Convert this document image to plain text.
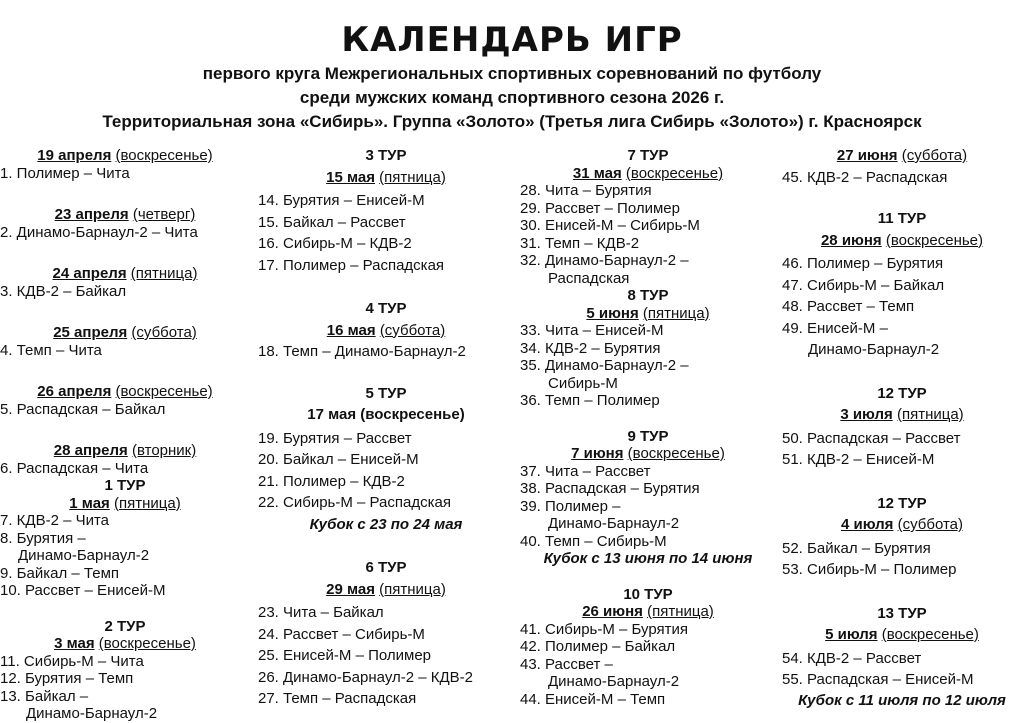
КАЛЕНДАРЬ ИГР
первого круга Межрегиональных спортивных соревнований по футболу
среди мужских команд спортивного сезона 2026 г.
Территориальная зона «Сибирь». Группа «Золото» (Третья лига Сибирь «Золото») г. Красноярск
19 апреля (воскресенье)
1. Полимер – Чита
23 апреля (четверг)
2. Динамо-Барнаул-2 – Чита
24 апреля (пятница)
3. КДВ-2 – Байкал
25 апреля (суббота)
4. Темп – Чита
26 апреля (воскресенье)
5. Распадская – Байкал
28 апреля (вторник)
6. Распадская – Чита
1 ТУР
1 мая (пятница)
7. КДВ-2 – Чита
8. Бурятия –
Динамо-Барнаул-2
9. Байкал – Темп
10. Рассвет – Енисей-М
2 ТУР
3 мая (воскресенье)
11. Сибирь-М – Чита
12. Бурятия – Темп
13. Байкал –
Динамо-Барнаул-2
3 ТУР
15 мая (пятница)
14. Бурятия – Енисей-М
15. Байкал – Рассвет
16. Сибирь-М – КДВ-2
17. Полимер – Распадская
4 ТУР
16 мая (суббота)
18. Темп – Динамо-Барнаул-2
5 ТУР
17 мая (воскресенье)
19. Бурятия – Рассвет
20. Байкал – Енисей-М
21. Полимер – КДВ-2
22. Сибирь-М – Распадская
Кубок с 23 по 24 мая
6 ТУР
29 мая (пятница)
23. Чита – Байкал
24. Рассвет – Сибирь-М
25. Енисей-М – Полимер
26. Динамо-Барнаул-2 – КДВ-2
27. Темп – Распадская
7 ТУР
31 мая (воскресенье)
28. Чита – Бурятия
29. Рассвет – Полимер
30. Енисей-М – Сибирь-М
31. Темп – КДВ-2
32. Динамо-Барнаул-2 –
Распадская
8 ТУР
5 июня (пятница)
33. Чита – Енисей-М
34. КДВ-2 – Бурятия
35. Динамо-Барнаул-2 –
Сибирь-М
36. Темп – Полимер
9 ТУР
7 июня (воскресенье)
37. Чита – Рассвет
38. Распадская – Бурятия
39. Полимер –
Динамо-Барнаул-2
40. Темп – Сибирь-М
Кубок с 13 июня по 14 июня
10 ТУР
26 июня (пятница)
41. Сибирь-М – Бурятия
42. Полимер – Байкал
43. Рассвет –
Динамо-Барнаул-2
44. Енисей-М – Темп
27 июня (суббота)
45. КДВ-2 – Распадская
11 ТУР
28 июня (воскресенье)
46. Полимер – Бурятия
47. Сибирь-М – Байкал
48. Рассвет – Темп
49. Енисей-М –
Динамо-Барнаул-2
12 ТУР
3 июля (пятница)
50. Распадская – Рассвет
51. КДВ-2 – Енисей-М
12 ТУР
4 июля (суббота)
52. Байкал – Бурятия
53. Сибирь-М – Полимер
13 ТУР
5 июля (воскресенье)
54. КДВ-2 – Рассвет
55. Распадская – Енисей-М
Кубок с 11 июля по 12 июля
